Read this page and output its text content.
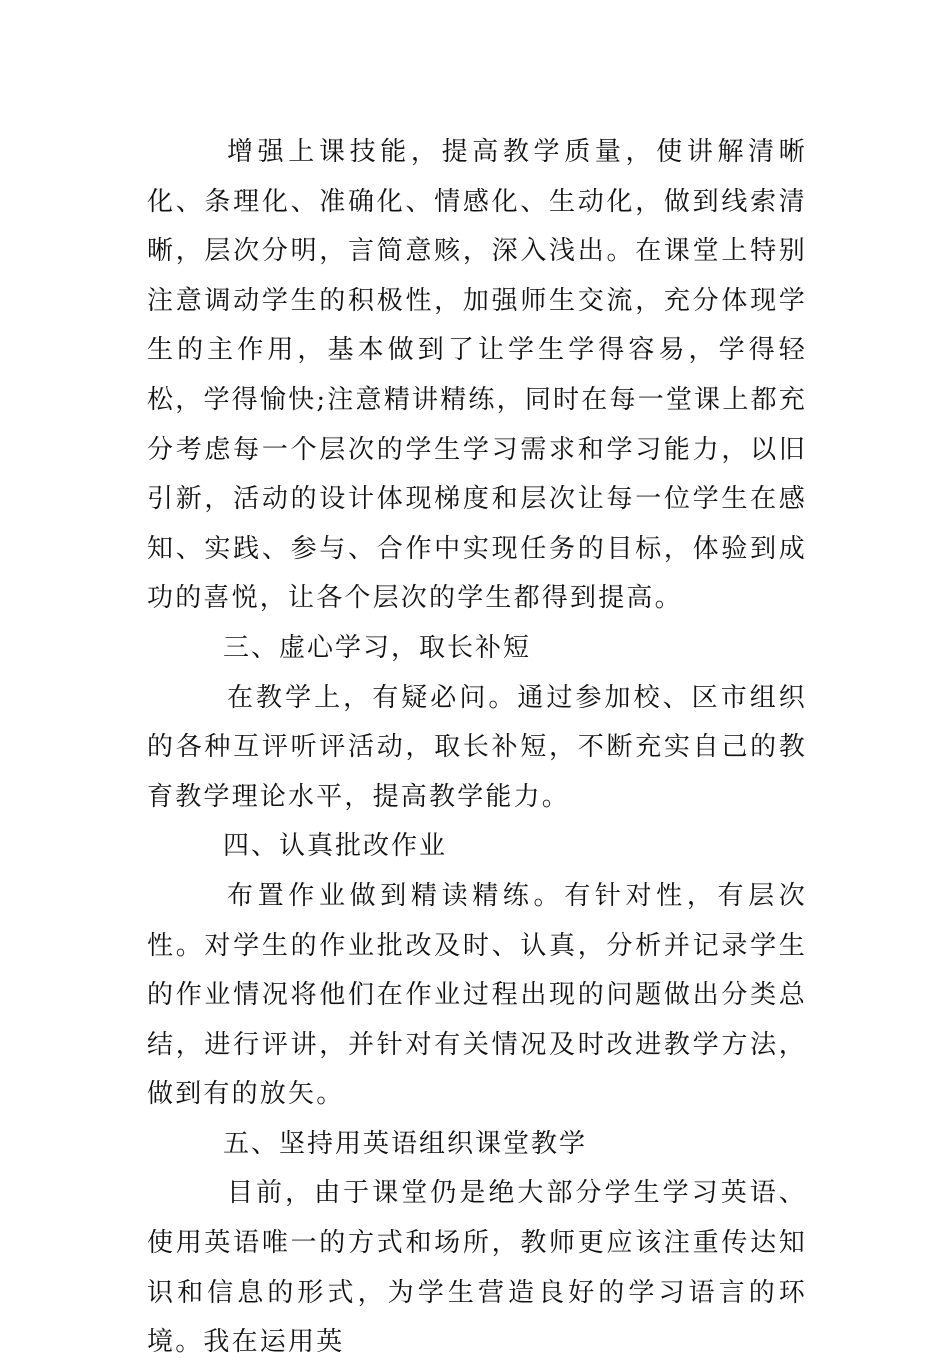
增强上课技能，提高教学质量，使讲解清晰化、条理化、准确化、情感化、生动化，做到线索清晰，层次分明，言简意赅，深入浅出。在课堂上特别注意调动学生的积极性，加强师生交流，充分体现学生的主作用，基本做到了让学生学得容易，学得轻松，学得愉快;注意精讲精练，同时在每一堂课上都充分考虑每一个层次的学生学习需求和学习能力，以旧引新，活动的设计体现梯度和层次让每一位学生在感知、实践、参与、合作中实现任务的目标，体验到成功的喜悦，让各个层次的学生都得到提高。

三、虚心学习，取长补短

在教学上，有疑必问。通过参加校、区市组织的各种互评听评活动，取长补短，不断充实自己的教育教学理论水平，提高教学能力。

四、认真批改作业

布置作业做到精读精练。有针对性，有层次性。对学生的作业批改及时、认真，分析并记录学生的作业情况将他们在作业过程出现的问题做出分类总结，进行评讲，并针对有关情况及时改进教学方法，做到有的放矢。

五、坚持用英语组织课堂教学

目前，由于课堂仍是绝大部分学生学习英语、使用英语唯一的方式和场所，教师更应该注重传达知识和信息的形式，为学生营造良好的学习语言的环境。我在运用英
